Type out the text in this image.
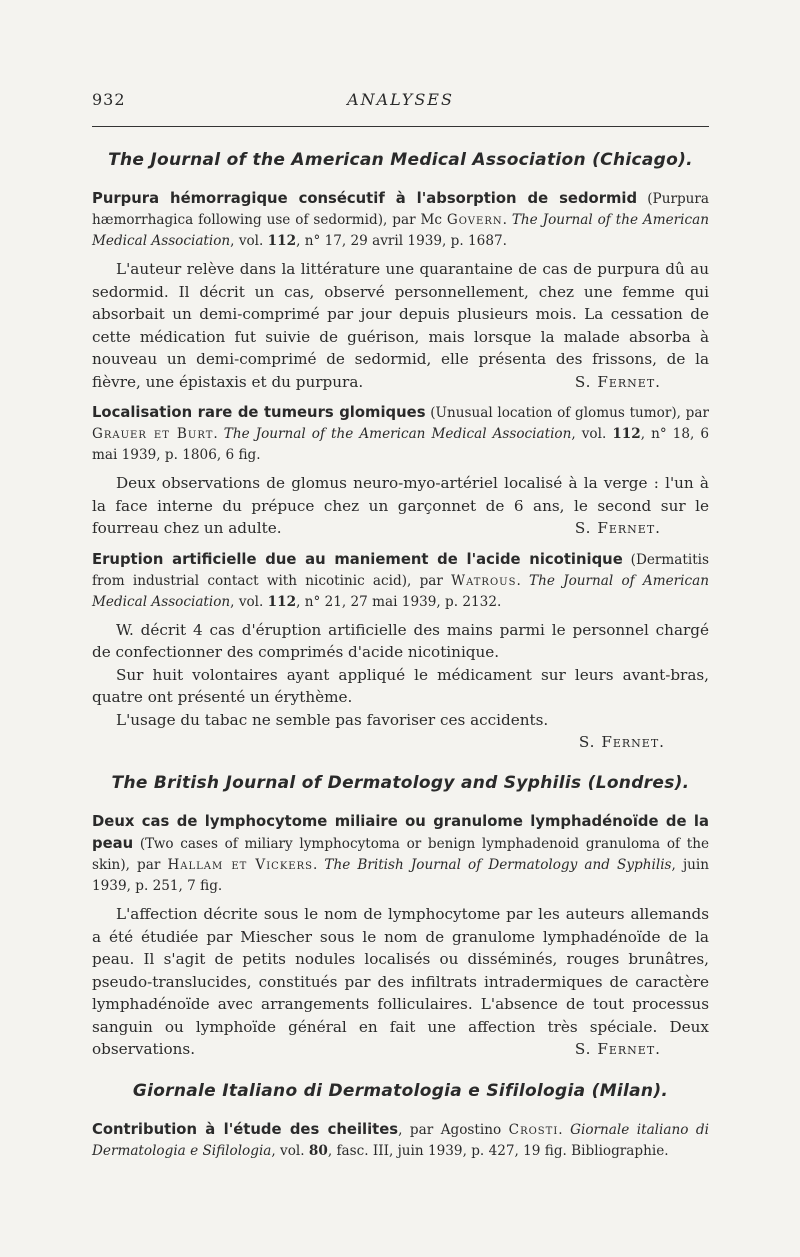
932	ANALYSES
The Journal of the American Medical Association (Chicago).

Purpura hémorragique consécutif à l'absorption de sedormid (Purpura hæmorrhagica following use of sedormid), par Mc Govern. The Journal of the American Medical Association, vol. 112, n° 17, 29 avril 1939, p. 1687.

L'auteur relève dans la littérature une quarantaine de cas de purpura dû au sedormid. Il décrit un cas, observé personnellement, chez une femme qui absorbait un demi-comprimé par jour depuis plusieurs mois. La cessation de cette médication fut suivie de guérison, mais lorsque la malade absorba à nouveau un demi-comprimé de sedormid, elle présenta des frissons, de la fièvre, une épistaxis et du purpura.	S. Fernet.

Localisation rare de tumeurs glomiques (Unusual location of glomus tumor), par Grauer et Burt. The Journal of the American Medical Association, vol. 112, n° 18, 6 mai 1939, p. 1806, 6 fig.

Deux observations de glomus neuro-myo-artériel localisé à la verge : l'un à la face interne du prépuce chez un garçonnet de 6 ans, le second sur le fourreau chez un adulte.	S. Fernet.

Eruption artificielle due au maniement de l'acide nicotinique (Dermatitis from industrial contact with nicotinic acid), par Watrous. The Journal of American Medical Association, vol. 112, n° 21, 27 mai 1939, p. 2132.

W. décrit 4 cas d'éruption artificielle des mains parmi le personnel chargé de confectionner des comprimés d'acide nicotinique.

Sur huit volontaires ayant appliqué le médicament sur leurs avant-bras, quatre ont présenté un érythème.

L'usage du tabac ne semble pas favoriser ces accidents.

S. Fernet.

The British Journal of Dermatology and Syphilis (Londres).

Deux cas de lymphocytome miliaire ou granulome lymphadénoïde de la peau (Two cases of miliary lymphocytoma or benign lymphadenoid granuloma of the skin), par Hallam et Vickers. The British Journal of Dermatology and Syphilis, juin 1939, p. 251, 7 fig.

L'affection décrite sous le nom de lymphocytome par les auteurs allemands a été étudiée par Miescher sous le nom de granulome lymphadénoïde de la peau. Il s'agit de petits nodules localisés ou disséminés, rouges brunâtres, pseudo-translucides, constitués par des infiltrats intradermiques de caractère lymphadénoïde avec arrangements folliculaires. L'absence de tout processus sanguin ou lymphoïde général en fait une affection très spéciale. Deux observations.	S. Fernet.

Giornale Italiano di Dermatologia e Sifilologia (Milan).

Contribution à l'étude des cheilites, par Agostino Crosti. Giornale italiano di Dermatologia e Sifilologia, vol. 80, fasc. III, juin 1939, p. 427, 19 fig. Bibliographie.
